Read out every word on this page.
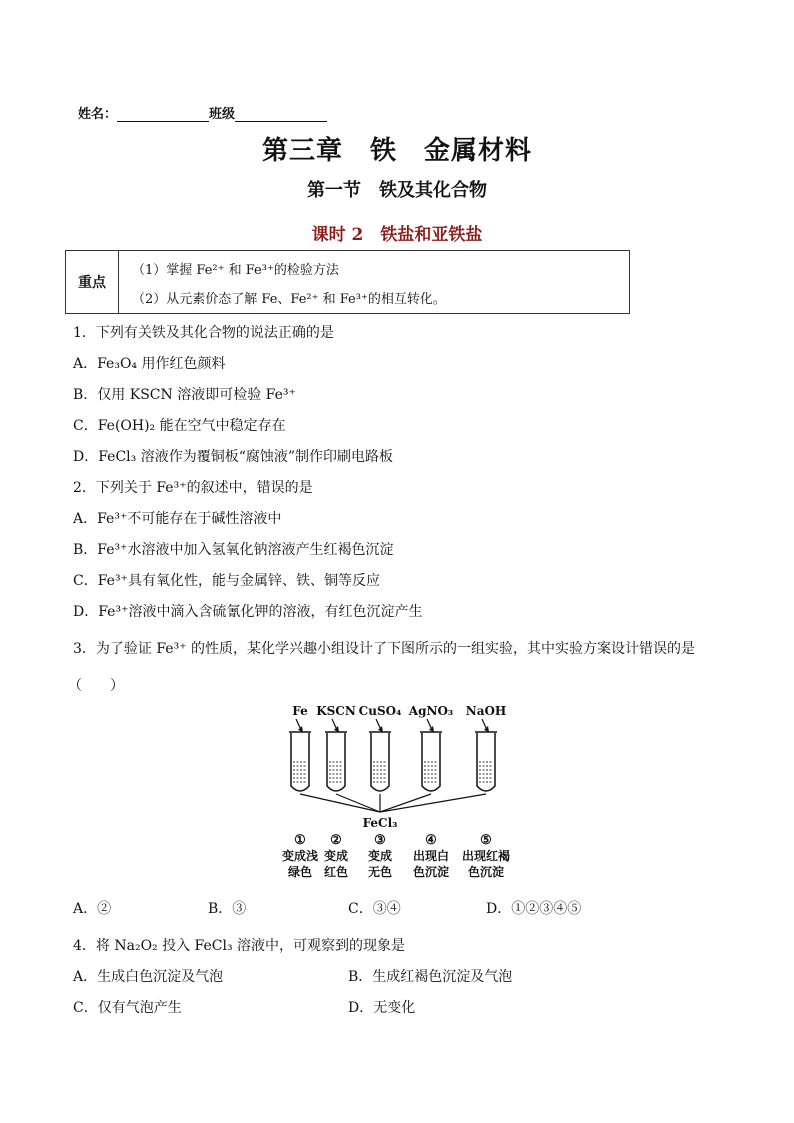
姓名：	班级
第三章　铁　金属材料
第一节　铁及其化合物
课时 2　铁盐和亚铁盐
重点
（1）掌握 Fe²⁺ 和 Fe³⁺的检验方法
（2）从元素价态了解 Fe、Fe²⁺ 和 Fe³⁺的相互转化。
1．下列有关铁及其化合物的说法正确的是
A．Fe₃O₄ 用作红色颜料
B．仅用 KSCN 溶液即可检验 Fe³⁺
C．Fe(OH)₂ 能在空气中稳定存在
D．FeCl₃ 溶液作为覆铜板“腐蚀液”制作印刷电路板
2．下列关于 Fe³⁺的叙述中，错误的是
A．Fe³⁺不可能存在于碱性溶液中
B．Fe³⁺水溶液中加入氢氧化钠溶液产生红褐色沉淀
C．Fe³⁺具有氧化性，能与金属锌、铁、铜等反应
D．Fe³⁺溶液中滴入含硫氰化钾的溶液，有红色沉淀产生
3．为了验证 Fe³⁺ 的性质，某化学兴趣小组设计了下图所示的一组实验，其中实验方案设计错误的是
（　　）
Fe
①
变成浅
绿色
KSCN
②
变成
红色
CuSO₄
③
变成
无色
AgNO₃
④
出现白
色沉淀
NaOH
⑤
出现红褐
色沉淀
FeCl₃
A．②	B．③	C．③④	D．①②③④⑤
4．将 Na₂O₂ 投入 FeCl₃ 溶液中，可观察到的现象是
A．生成白色沉淀及气泡	B．生成红褐色沉淀及气泡
C．仅有气泡产生	D．无变化
